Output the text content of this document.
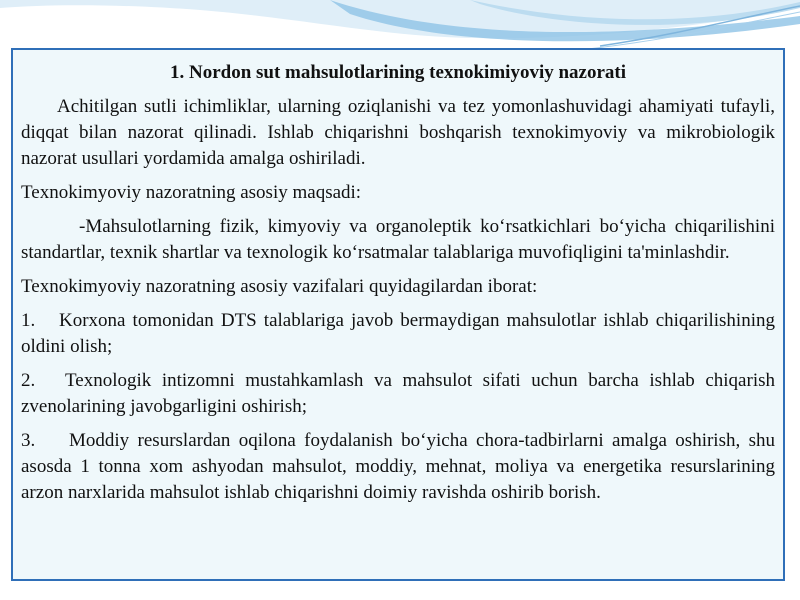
1. Nordon sut mahsulotlarining texnokimiyoviy nazorati
Achitilgan sutli ichimliklar, ularning oziqlanishi va tez yomonlashuvidagi ahamiyati tufayli, diqqat bilan nazorat qilinadi. Ishlab chiqarishni boshqarish texnokimyoviy va mikrobiologik nazorat usullari yordamida amalga oshiriladi.
Texnokimyoviy nazoratning asosiy maqsadi:
-Mahsulotlarning fizik, kimyoviy va organoleptik ko‘rsatkichlari bo‘yicha chiqarilishini standartlar, texnik shartlar va texnologik ko‘rsatmalar talablariga muvofiqligini ta'minlashdir.
Texnokimyoviy nazoratning asosiy vazifalari quyidagilardan iborat:
1. Korxona tomonidan DTS talablariga javob bermaydigan mahsulotlar ishlab chiqarilishining oldini olish;
2. Texnologik intizomni mustahkamlash va mahsulot sifati uchun barcha ishlab chiqarish zvenolarining javobgarligini oshirish;
3. Moddiy resurslardan oqilona foydalanish bo‘yicha chora-tadbirlarni amalga oshirish, shu asosda 1 tonna xom ashyodan mahsulot, moddiy, mehnat, moliya va energetika resurslarining arzon narxlarida mahsulot ishlab chiqarishni doimiy ravishda oshirib borish.
